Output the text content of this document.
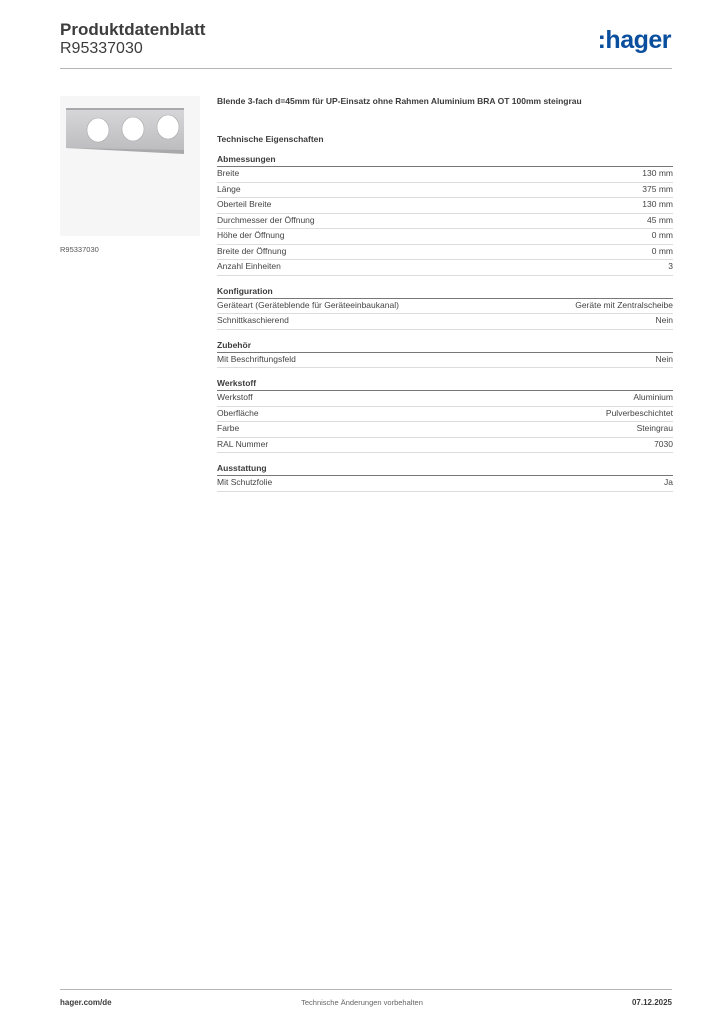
Produktdatenblatt
R95337030	:hager
R95337030
Blende 3-fach d=45mm für UP-Einsatz ohne Rahmen Aluminium BRA OT 100mm steingrau
Technische Eigenschaften
Abmessungen
Breite	130 mm
Länge	375 mm
Oberteil Breite	130 mm
Durchmesser der Öffnung	45 mm
Höhe der Öffnung	0 mm
Breite der Öffnung	0 mm
Anzahl Einheiten	3
Konfiguration
Geräteart (Geräteblende für Geräteeinbaukanal)	Geräte mit Zentralscheibe
Schnittkaschierend	Nein
Zubehör
Mit Beschriftungsfeld	Nein
Werkstoff
Werkstoff	Aluminium
Oberfläche	Pulverbeschichtet
Farbe	Steingrau
RAL Nummer	7030
Ausstattung
Mit Schutzfolie	Ja
hager.com/de	Technische Änderungen vorbehalten	07.12.2025
